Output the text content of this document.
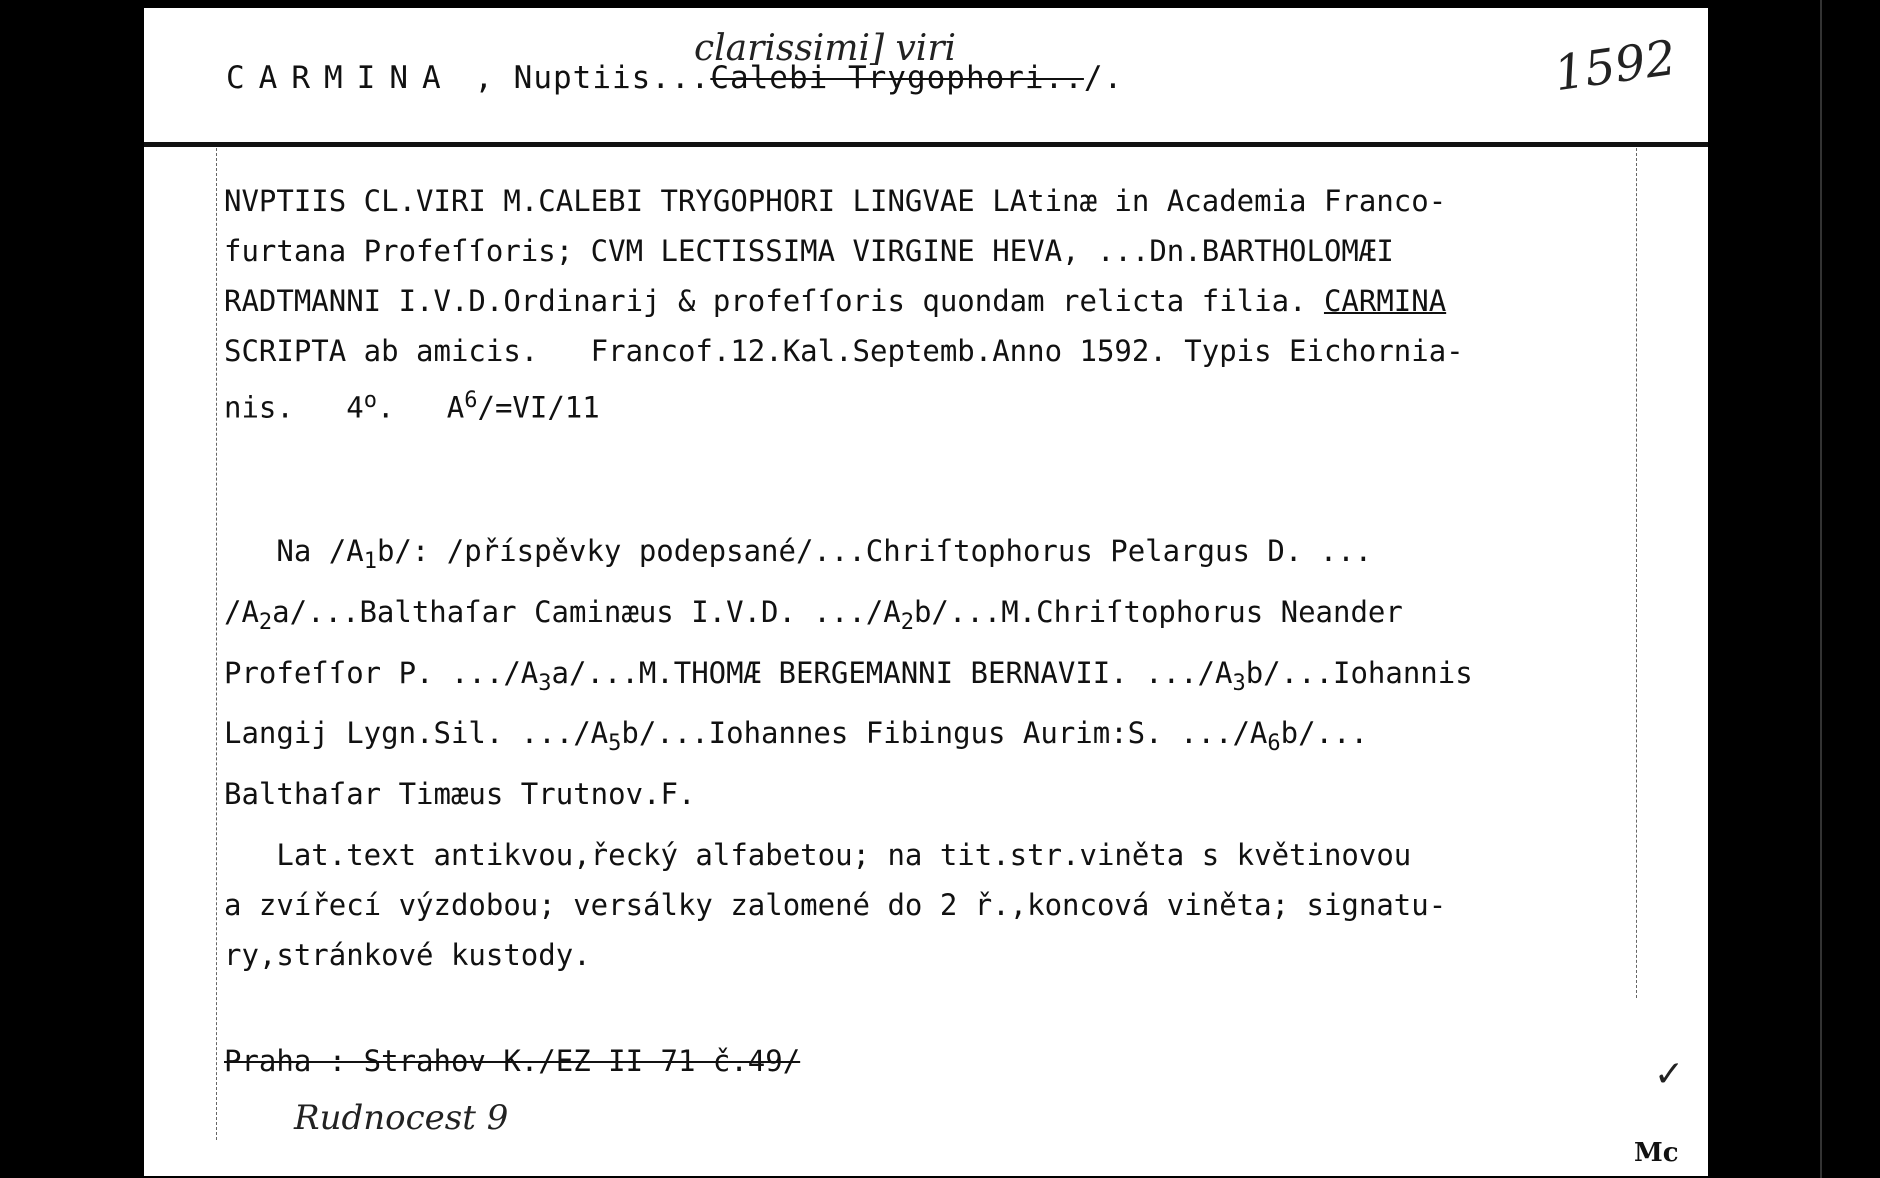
CARMINA , Nuptiis...Calebi Trygophori../.
clarissimi] viri	1592
NVPTIIS CL.VIRI M.CALEBI TRYGOPHORI LINGVAE LAtinæ in Academia Franco-
furtana Profeſſoris; CVM LECTISSIMA VIRGINE HEVA, ...Dn.BARTHOLOMÆI
RADTMANNI I.V.D.Ordinarij & profeſſoris quondam relicta filia. CARMINA
SCRIPTA ab amicis.   Francof.12.Kal.Septemb.Anno 1592. Typis Eichornia-
nis.   4$^o$.   $A^6/=VI/11$
Na $/A_1b/$: /příspěvky podepsané/...Chriſtophorus Pelargus D. ...
$/A_2a/...Balthaſar$ Caminæus I.V.D. $.../A_2b/...M.Chriſtophorus$ Neander
Profeſſor P. $.../A_3a/...M.THOMÆ$ BERGEMANNI BERNAVII. $.../A_3b/...Iohannis$
Langij Lygn.Sil. $.../A_5b/...Iohannes$ Fibingus Aurim:S. $.../A_6b/$...
Balthaſar Timæus Trutnov.F.
Lat.text antikvou,řecký alfabetou; na tit.str.viněta s květinovou
a zvířecí výzdobou; versálky zalomené do 2 ř.,koncová viněta; signatu-
ry,stránkové kustody.
Praha : Strahov K./EZ II 71 č.49/
Rudnocest 9
✓
Mc
